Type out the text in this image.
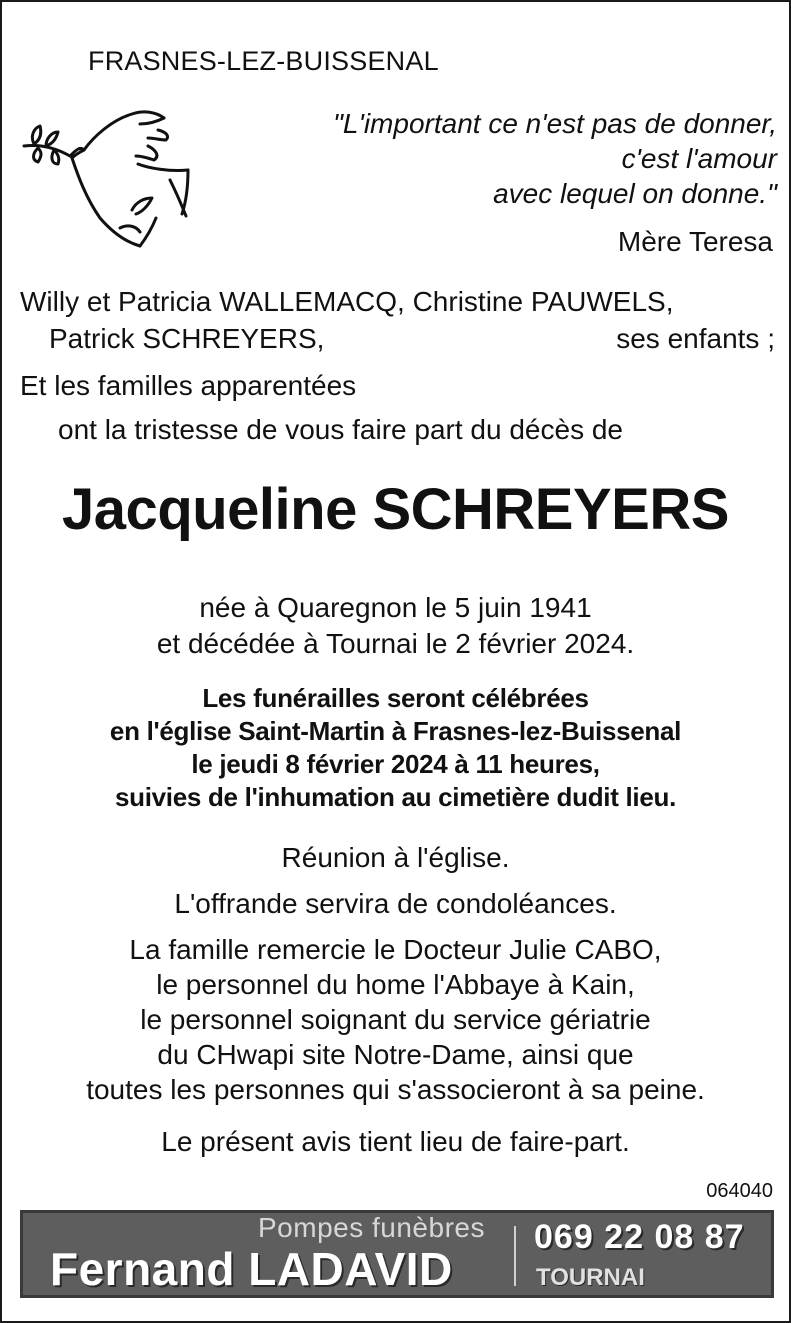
FRASNES-LEZ-BUISSENAL
"L'important ce n'est pas de donner,
c'est l'amour
avec lequel on donne."
Mère Teresa
Willy et Patricia WALLEMACQ, Christine PAUWELS,
Patrick SCHREYERS,	ses enfants ;
Et les familles apparentées
ont la tristesse de vous faire part du décès de
Jacqueline SCHREYERS
née à Quaregnon le 5 juin 1941
et décédée à Tournai le 2 février 2024.
Les funérailles seront célébrées
en l'église Saint-Martin à Frasnes-lez-Buissenal
le jeudi 8 février 2024 à 11 heures,
suivies de l'inhumation au cimetière dudit lieu.
Réunion à l'église.
L'offrande servira de condoléances.
La famille remercie le Docteur Julie CABO,
le personnel du home l'Abbaye à Kain,
le personnel soignant du service gériatrie
du CHwapi site Notre-Dame, ainsi que
toutes les personnes qui s'associeront à sa peine.
Le présent avis tient lieu de faire-part.
064040
Pompes funèbres
Fernand LADAVID
069 22 08 87
TOURNAI
